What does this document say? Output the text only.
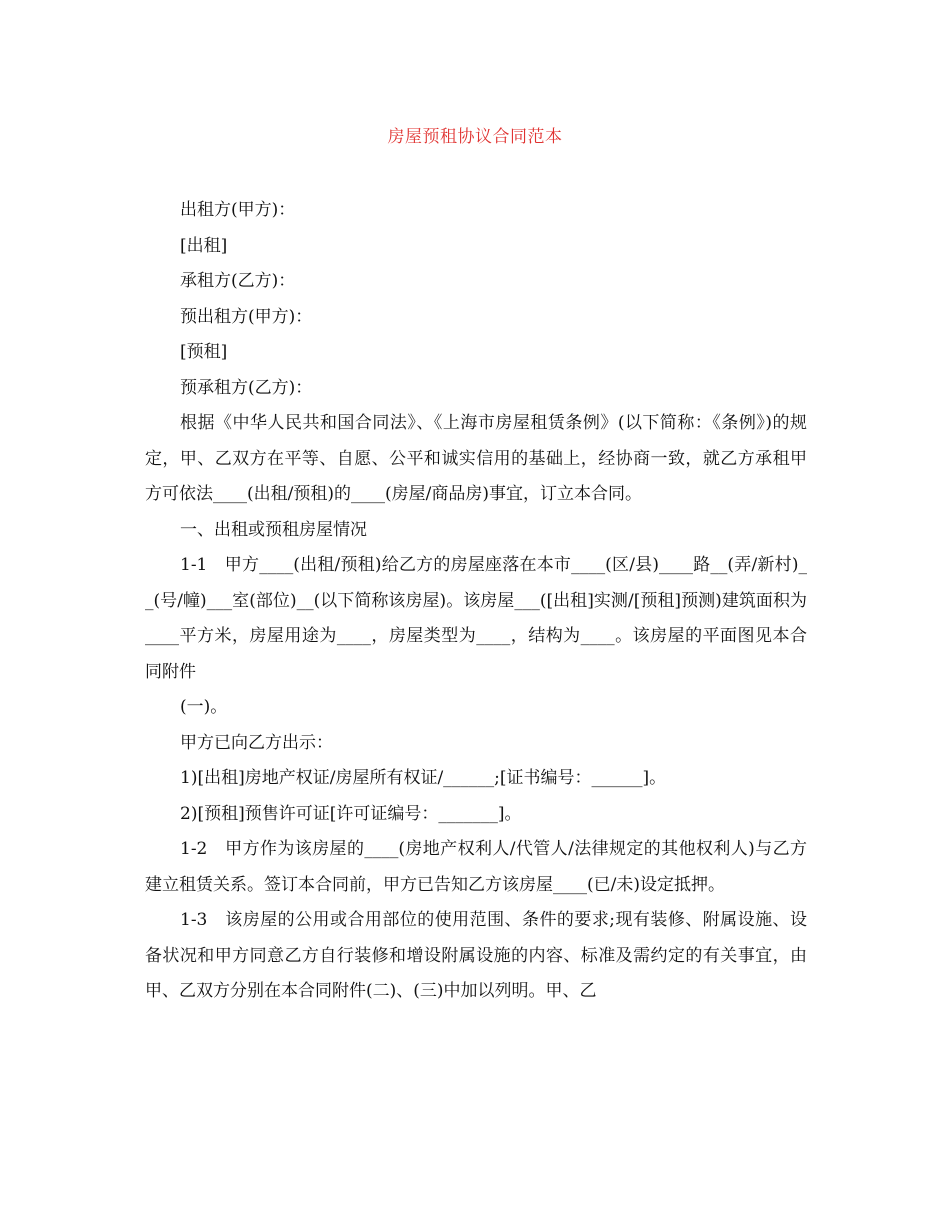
房屋预租协议合同范本

出租方(甲方)：

[出租]

承租方(乙方)：

预出租方(甲方)：

[预租]

预承租方(乙方)：

根据《中华人民共和国合同法》、《上海市房屋租赁条例》(以下简称：《条例》)的规定，甲、乙双方在平等、自愿、公平和诚实信用的基础上，经协商一致，就乙方承租甲方可依法____(出租/预租)的____(房屋/商品房)事宜，订立本合同。

一、出租或预租房屋情况

1-1　甲方____(出租/预租)给乙方的房屋座落在本市____(区/县)____路__(弄/新村)__(号/幢)___室(部位)__(以下简称该房屋)。该房屋___([出租]实测/[预租]预测)建筑面积为____平方米，房屋用途为____，房屋类型为____，结构为____。该房屋的平面图见本合同附件

(一)。

甲方已向乙方出示：

1)[出租]房地产权证/房屋所有权证/______;[证书编号：______]。

2)[预租]预售许可证[许可证编号：_______]。

1-2　甲方作为该房屋的____(房地产权利人/代管人/法律规定的其他权利人)与乙方建立租赁关系。签订本合同前，甲方已告知乙方该房屋____(已/未)设定抵押。

1-3　该房屋的公用或合用部位的使用范围、条件的要求;现有装修、附属设施、设备状况和甲方同意乙方自行装修和增设附属设施的内容、标准及需约定的有关事宜，由甲、乙双方分别在本合同附件(二)、(三)中加以列明。甲、乙
